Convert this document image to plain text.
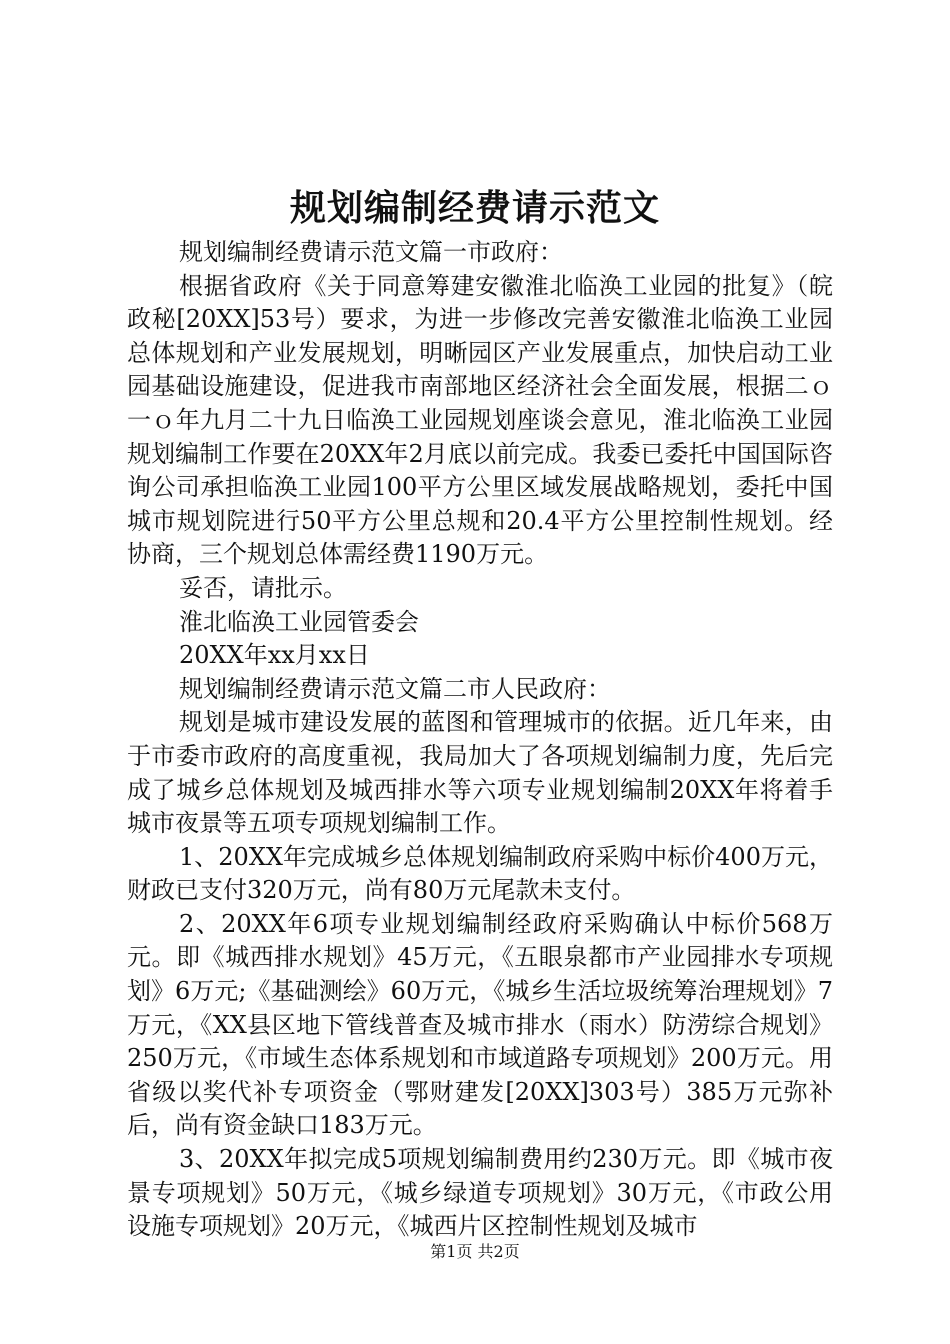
规划编制经费请示范文

规划编制经费请示范文篇一市政府：

根据省政府《关于同意筹建安徽淮北临涣工业园的批复》（皖政秘[20XX]53号）要求，为进一步修改完善安徽淮北临涣工业园总体规划和产业发展规划，明晰园区产业发展重点，加快启动工业园基础设施建设，促进我市南部地区经济社会全面发展，根据二ｏ一ｏ年九月二十九日临涣工业园规划座谈会意见，淮北临涣工业园规划编制工作要在20XX年2月底以前完成。我委已委托中国国际咨询公司承担临涣工业园100平方公里区域发展战略规划，委托中国城市规划院进行50平方公里总规和20.4平方公里控制性规划。经协商，三个规划总体需经费1190万元。

妥否，请批示。

淮北临涣工业园管委会

20XX年xx月xx日

规划编制经费请示范文篇二市人民政府：

规划是城市建设发展的蓝图和管理城市的依据。近几年来，由于市委市政府的高度重视，我局加大了各项规划编制力度，先后完成了城乡总体规划及城西排水等六项专业规划编制20XX年将着手城市夜景等五项专项规划编制工作。

1、20XX年完成城乡总体规划编制政府采购中标价400万元，财政已支付320万元，尚有80万元尾款未支付。

2、20XX年6项专业规划编制经政府采购确认中标价568万元。即《城西排水规划》45万元，《五眼泉都市产业园排水专项规划》6万元;《基础测绘》60万元，《城乡生活垃圾统筹治理规划》7万元，《XX县区地下管线普查及城市排水（雨水）防涝综合规划》250万元，《市域生态体系规划和市域道路专项规划》200万元。用省级以奖代补专项资金（鄂财建发[20XX]303号）385万元弥补后，尚有资金缺口183万元。

3、20XX年拟完成5项规划编制费用约230万元。即《城市夜景专项规划》50万元，《城乡绿道专项规划》30万元，《市政公用设施专项规划》20万元，《城西片区控制性规划及城市

第1页 共2页
